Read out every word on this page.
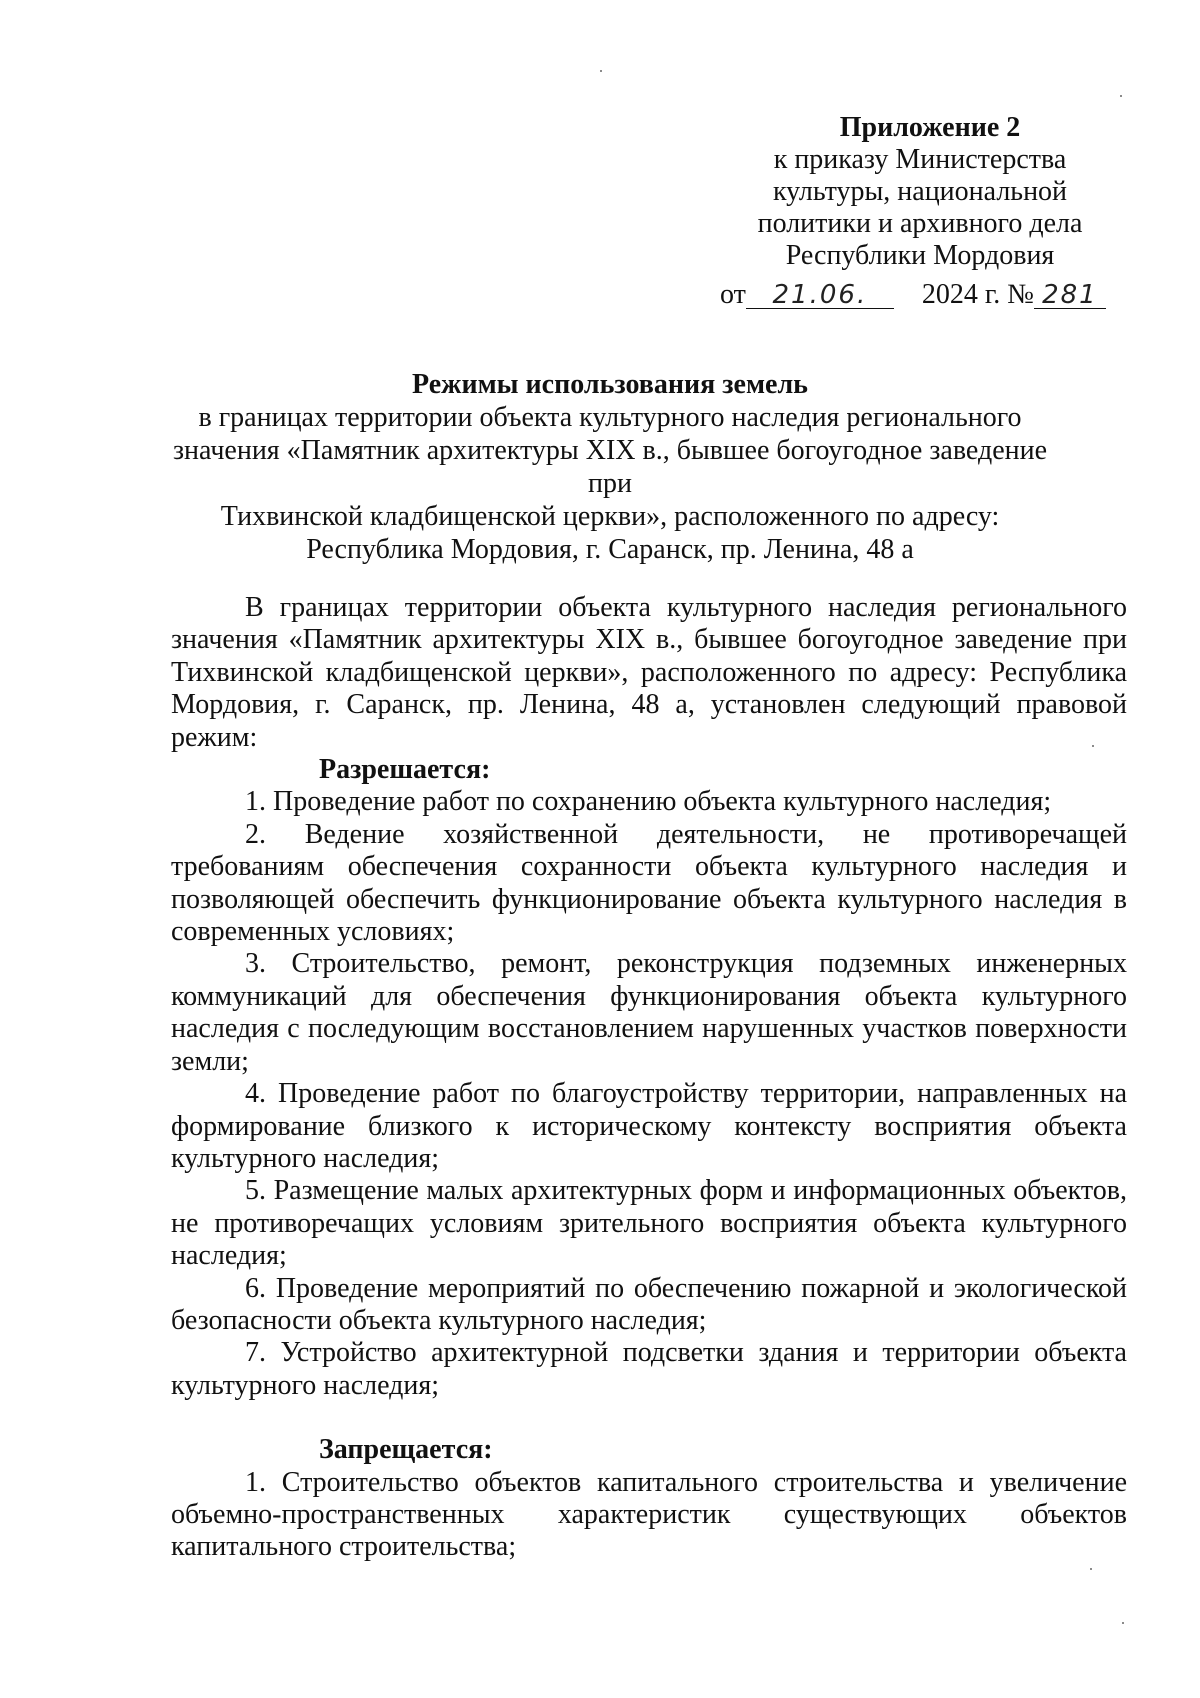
Приложение 2
к приказу Министерства
культуры, национальной
политики и архивного дела
Республики Мордовия
от 21.06. 2024 г. № 281
Режимы использования земель
в границах территории объекта культурного наследия регионального
значения «Памятник архитектуры XIX в., бывшее богоугодное заведение при
Тихвинской кладбищенской церкви», расположенного по адресу:
Республика Мордовия, г. Саранск, пр. Ленина, 48 а

В границах территории объекта культурного наследия регионального значения «Памятник архитектуры XIX в., бывшее богоугодное заведение при Тихвинской кладбищенской церкви», расположенного по адресу: Республика Мордовия, г. Саранск, пр. Ленина, 48 а, установлен следующий правовой режим:

Разрешается:

1. Проведение работ по сохранению объекта культурного наследия;

2. Ведение хозяйственной деятельности, не противоречащей требованиям обеспечения сохранности объекта культурного наследия и позволяющей обеспечить функционирование объекта культурного наследия в современных условиях;

3. Строительство, ремонт, реконструкция подземных инженерных коммуникаций для обеспечения функционирования объекта культурного наследия с последующим восстановлением нарушенных участков поверхности земли;

4. Проведение работ по благоустройству территории, направленных на формирование близкого к историческому контексту восприятия объекта культурного наследия;

5. Размещение малых архитектурных форм и информационных объектов, не противоречащих условиям зрительного восприятия объекта культурного наследия;

6. Проведение мероприятий по обеспечению пожарной и экологической безопасности объекта культурного наследия;

7. Устройство архитектурной подсветки здания и территории объекта культурного наследия;

Запрещается:

1. Строительство объектов капитального строительства и увеличение объемно-пространственных характеристик существующих объектов капитального строительства;
